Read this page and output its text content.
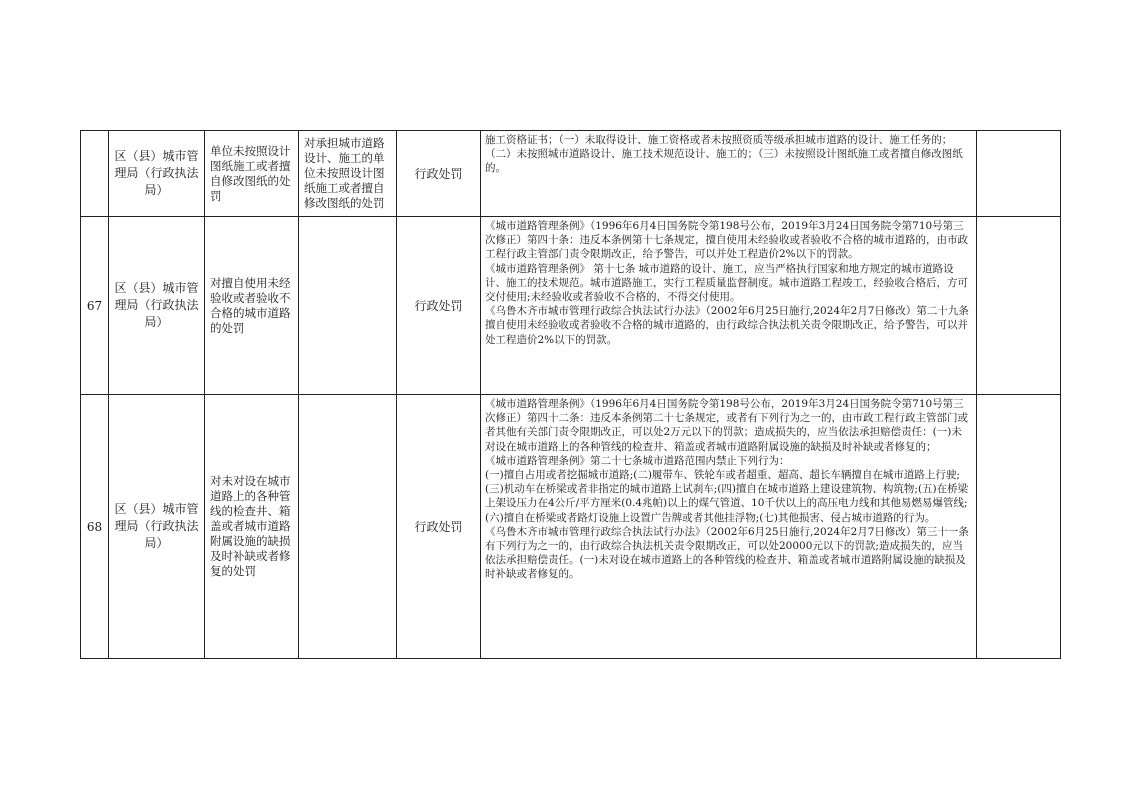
	区（县）城市管理局（行政执法局）	单位未按照设计图纸施工或者擅自修改图纸的处罚	对承担城市道路设计、施工的单位未按照设计图纸施工或者擅自修改图纸的处罚	行政处罚	施工资格证书；（一）未取得设计、施工资格或者未按照资质等级承担城市道路的设计、施工任务的；（二）未按照城市道路设计、施工技术规范设计、施工的；（三）未按照设计图纸施工或者擅自修改图纸的。	

67	区（县）城市管理局（行政执法局）	对擅自使用未经验收或者验收不合格的城市道路的处罚		行政处罚	《城市道路管理条例》（1996年6月4日国务院令第198号公布，2019年3月24日国务院令第710号第三次修正）第四十条：违反本条例第十七条规定，擅自使用未经验收或者验收不合格的城市道路的，由市政工程行政主管部门责令限期改正，给予警告，可以并处工程造价2%以下的罚款。

《城市道路管理条例》 第十七条 城市道路的设计、施工，应当严格执行国家和地方规定的城市道路设计、施工的技术规范。城市道路施工，实行工程质量监督制度。城市道路工程竣工，经验收合格后，方可交付使用;未经验收或者验收不合格的，不得交付使用。

《乌鲁木齐市城市管理行政综合执法试行办法》（2002年6月25日施行,2024年2月7日修改）第二十九条　擅自使用未经验收或者验收不合格的城市道路的，由行政综合执法机关责令限期改正，给予警告，可以并处工程造价2%以下的罚款。	

68	区（县）城市管理局（行政执法局）	对未对设在城市道路上的各种管线的检查井、箱盖或者城市道路附属设施的缺损及时补缺或者修复的处罚		行政处罚	《城市道路管理条例》（1996年6月4日国务院令第198号公布，2019年3月24日国务院令第710号第三次修正）第四十二条：违反本条例第二十七条规定，或者有下列行为之一的，由市政工程行政主管部门或者其他有关部门责令限期改正，可以处2万元以下的罚款；造成损失的，应当依法承担赔偿责任：(一)未对设在城市道路上的各种管线的检查井、箱盖或者城市道路附属设施的缺损及时补缺或者修复的；

《城市道路管理条例》第二十七条城市道路范围内禁止下列行为：

(一)擅自占用或者挖掘城市道路;(二)履带车、铁轮车或者超重、超高、超长车辆擅自在城市道路上行驶;(三)机动车在桥梁或者非指定的城市道路上试刹车;(四)擅自在城市道路上建设建筑物、构筑物;(五)在桥梁上架设压力在4公斤/平方厘米(0.4兆帕)以上的煤气管道、10千伏以上的高压电力线和其他易燃易爆管线;(六)擅自在桥梁或者路灯设施上设置广告牌或者其他挂浮物;(七)其他损害、侵占城市道路的行为。

《乌鲁木齐市城市管理行政综合执法试行办法》（2002年6月25日施行,2024年2月7日修改）第三十一条　有下列行为之一的，由行政综合执法机关责令限期改正，可以处20000元以下的罚款;造成损失的，应当依法承担赔偿责任。(一)未对设在城市道路上的各种管线的检查井、箱盖或者城市道路附属设施的缺损及时补缺或者修复的。	
